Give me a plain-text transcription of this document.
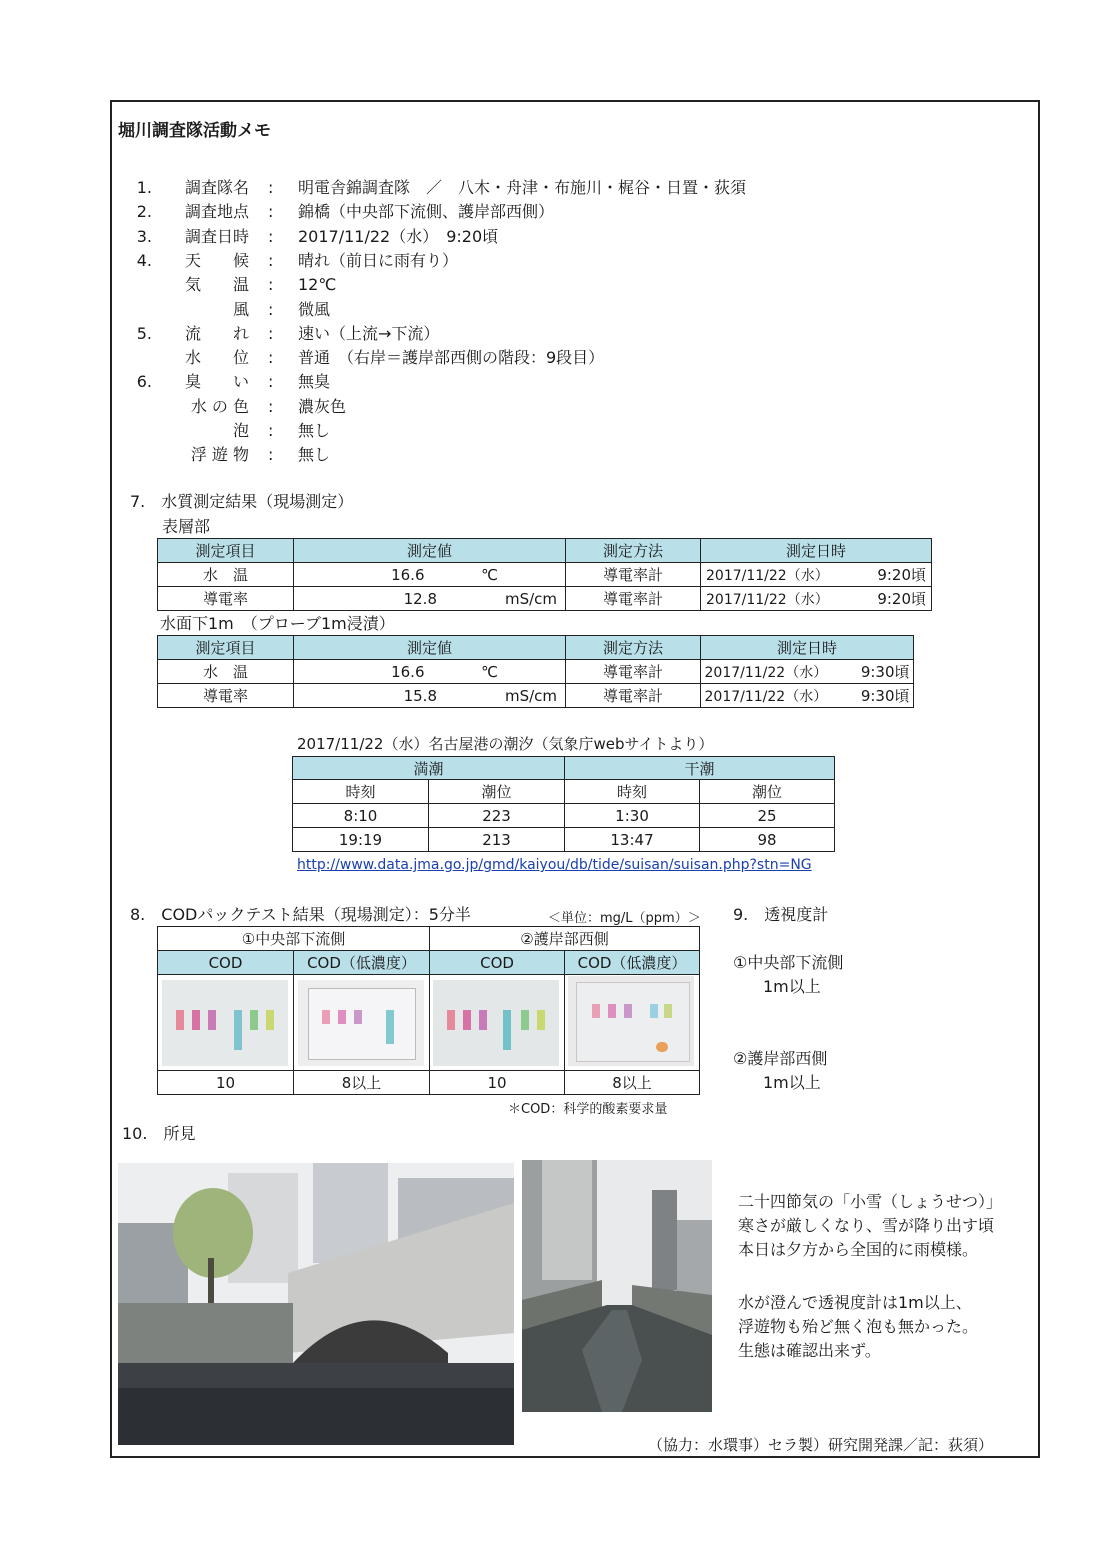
堀川調査隊活動メモ
1.	調査隊名 : 明電舎錦調査隊　／　八木・舟津・布施川・梶谷・日置・荻須
2.	調査地点 : 錦橋（中央部下流側、護岸部西側）
3.	調査日時 : 2017/11/22（水）　9:20頃
4.	天　　候 : 晴れ（前日に雨有り）
気　　温 : 12℃
風 : 微風
5.	流　　れ : 速い（上流→下流）
水　　位 : 普通　（右岸＝護岸部西側の階段：9段目）
6.	臭　　い : 無臭
水 の 色 : 濃灰色
泡 : 無し
浮 遊 物 : 無し
7.　水質測定結果（現場測定）
表層部
測定項目	測定値	測定方法	測定日時
水　温	16.6 ℃	導電率計	2017/11/22（水） 9:20頃
導電率	12.8 mS/cm	導電率計	2017/11/22（水） 9:20頃
水面下1m　（プローブ1m浸漬）
測定項目	測定値	測定方法	測定日時
水　温	16.6 ℃	導電率計	2017/11/22（水） 9:30頃
導電率	15.8 mS/cm	導電率計	2017/11/22（水） 9:30頃
2017/11/22（水）名古屋港の潮汐（気象庁webサイトより）
満潮		干潮	
時刻	潮位	時刻	潮位
8:10	223	1:30	25
19:19	213	13:47	98
http://www.data.jma.go.jp/gmd/kaiyou/db/tide/suisan/suisan.php?stn=NG
8.　CODパックテスト結果（現場測定）：5分半	＜単位：mg/L（ppm）＞
①中央部下流側		②護岸部西側	
COD	COD（低濃度）	COD	COD（低濃度）

10	8以上	10	8以上
＊COD：科学的酸素要求量
9.　透視度計
①中央部下流側
1m以上
②護岸部西側
1m以上
10.　所見
二十四節気の「小雪（しょうせつ）」
寒さが厳しくなり、雪が降り出す頃
本日は夕方から全国的に雨模様。
水が澄んで透視度計は1m以上、
浮遊物も殆ど無く泡も無かった。
生態は確認出来ず。
（協力：水環事）セラ製）研究開発課／記：荻須）
